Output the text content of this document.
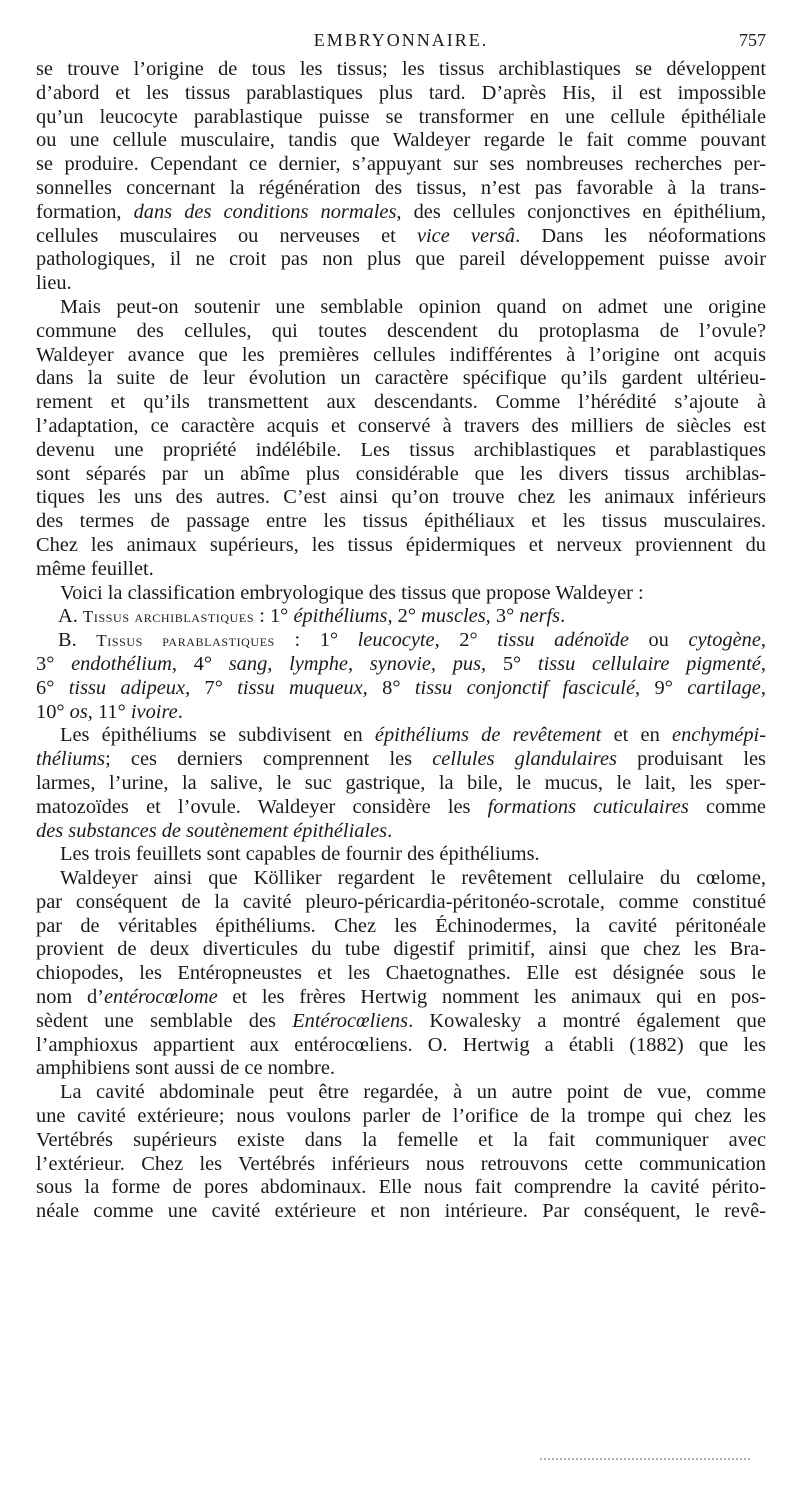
EMBRYONNAIRE.	757
se trouve l’origine de tous les tissus; les tissus archiblastiques se développent
d’abord et les tissus parablastiques plus tard. D’après His, il est impossible
qu’un leucocyte parablastique puisse se transformer en une cellule épithéliale
ou une cellule musculaire, tandis que Waldeyer regarde le fait comme pouvant
se produire. Cependant ce dernier, s’appuyant sur ses nombreuses recherches per-
sonnelles concernant la régénération des tissus, n’est pas favorable à la trans-
formation, dans des conditions normales, des cellules conjonctives en épithélium,
cellules musculaires ou nerveuses et vice versâ. Dans les néoformations
pathologiques, il ne croit pas non plus que pareil développement puisse avoir
lieu.
Mais peut-on soutenir une semblable opinion quand on admet une origine
commune des cellules, qui toutes descendent du protoplasma de l’ovule?
Waldeyer avance que les premières cellules indifférentes à l’origine ont acquis
dans la suite de leur évolution un caractère spécifique qu’ils gardent ultérieu-
rement et qu’ils transmettent aux descendants. Comme l’hérédité s’ajoute à
l’adaptation, ce caractère acquis et conservé à travers des milliers de siècles est
devenu une propriété indélébile. Les tissus archiblastiques et parablastiques
sont séparés par un abîme plus considérable que les divers tissus archiblas-
tiques les uns des autres. C’est ainsi qu’on trouve chez les animaux inférieurs
des termes de passage entre les tissus épithéliaux et les tissus musculaires.
Chez les animaux supérieurs, les tissus épidermiques et nerveux proviennent du
même feuillet.
Voici la classification embryologique des tissus que propose Waldeyer :
A. Tissus archiblastiques : 1° épithéliums, 2° muscles, 3° nerfs.
B. Tissus parablastiques : 1° leucocyte, 2° tissu adénoïde ou cytogène,
3° endothélium, 4° sang, lymphe, synovie, pus, 5° tissu cellulaire pigmenté,
6° tissu adipeux, 7° tissu muqueux, 8° tissu conjonctif fasciculé, 9° cartilage,
10° os, 11° ivoire.
Les épithéliums se subdivisent en épithéliums de revêtement et en enchymépi-
théliums; ces derniers comprennent les cellules glandulaires produisant les
larmes, l’urine, la salive, le suc gastrique, la bile, le mucus, le lait, les sper-
matozoïdes et l’ovule. Waldeyer considère les formations cuticulaires comme
des substances de soutènement épithéliales.
Les trois feuillets sont capables de fournir des épithéliums.
Waldeyer ainsi que Kölliker regardent le revêtement cellulaire du cœlome,
par conséquent de la cavité pleuro-péricardia-péritonéo-scrotale, comme constitué
par de véritables épithéliums. Chez les Échinodermes, la cavité péritonéale
provient de deux diverticules du tube digestif primitif, ainsi que chez les Bra-
chiopodes, les Entéropneustes et les Chaetognathes. Elle est désignée sous le
nom d’entérocœlome et les frères Hertwig nomment les animaux qui en pos-
sèdent une semblable des Entérocœliens. Kowalesky a montré également que
l’amphioxus appartient aux entérocœliens. O. Hertwig a établi (1882) que les
amphibiens sont aussi de ce nombre.
La cavité abdominale peut être regardée, à un autre point de vue, comme
une cavité extérieure; nous voulons parler de l’orifice de la trompe qui chez les
Vertébrés supérieurs existe dans la femelle et la fait communiquer avec
l’extérieur. Chez les Vertébrés inférieurs nous retrouvons cette communication
sous la forme de pores abdominaux. Elle nous fait comprendre la cavité périto-
néale comme une cavité extérieure et non intérieure. Par conséquent, le revê-
